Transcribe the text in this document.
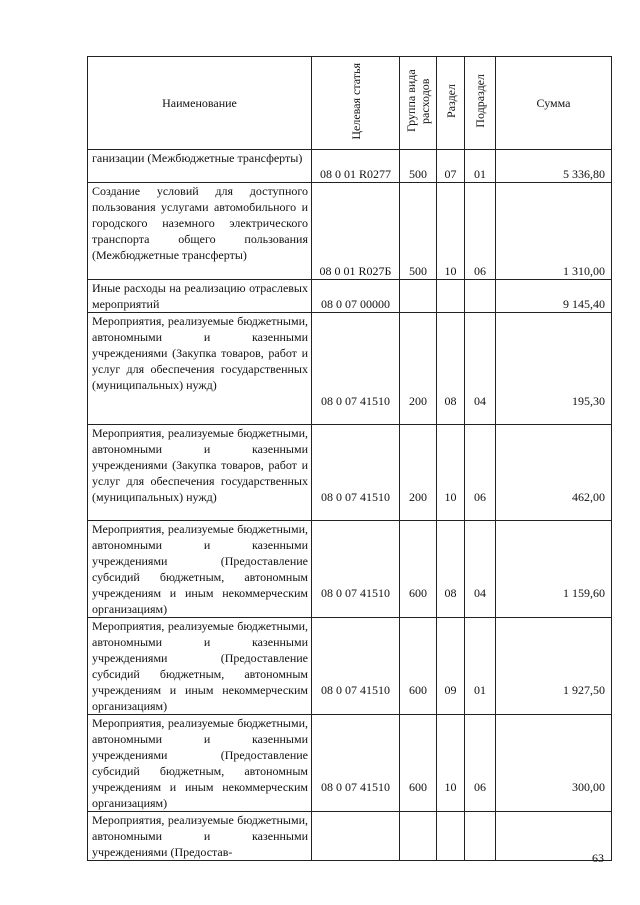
Наименование	Целевая статья	Группа вида расходов	Раздел	Подраздел	Сумма

ганизации (Межбюджетные трансферты)	08 0 01 R0277	500	07	01	5 336,80

Создание условий для доступного пользования услугами автомобильного и городского наземного электрического транспорта общего пользования (Межбюджетные трансферты)	08 0 01 R027Б	500	10	06	1 310,00

Иные расходы на реализацию отраслевых мероприятий	08 0 07 00000				9 145,40

Мероприятия, реализуемые бюджетными, автономными и казенными учреждениями (Закупка товаров, работ и услуг для обеспечения государственных (муниципальных) нужд)	08 0 07 41510	200	08	04	195,30

Мероприятия, реализуемые бюджетными, автономными и казенными учреждениями (Закупка товаров, работ и услуг для обеспечения государственных (муниципальных) нужд)	08 0 07 41510	200	10	06	462,00

Мероприятия, реализуемые бюджетными, автономными и казенными учреждениями (Предоставление субсидий бюджетным, автономным учреждениям и иным некоммерческим организациям)	08 0 07 41510	600	08	04	1 159,60

Мероприятия, реализуемые бюджетными, автономными и казенными учреждениями (Предоставление субсидий бюджетным, автономным учреждениям и иным некоммерческим организациям)	08 0 07 41510	600	09	01	1 927,50

Мероприятия, реализуемые бюджетными, автономными и казенными учреждениями (Предоставление субсидий бюджетным, автономным учреждениям и иным некоммерческим организациям)	08 0 07 41510	600	10	06	300,00

Мероприятия, реализуемые бюджетными, автономными и казенными учреждениями (Предостав-					

		63
